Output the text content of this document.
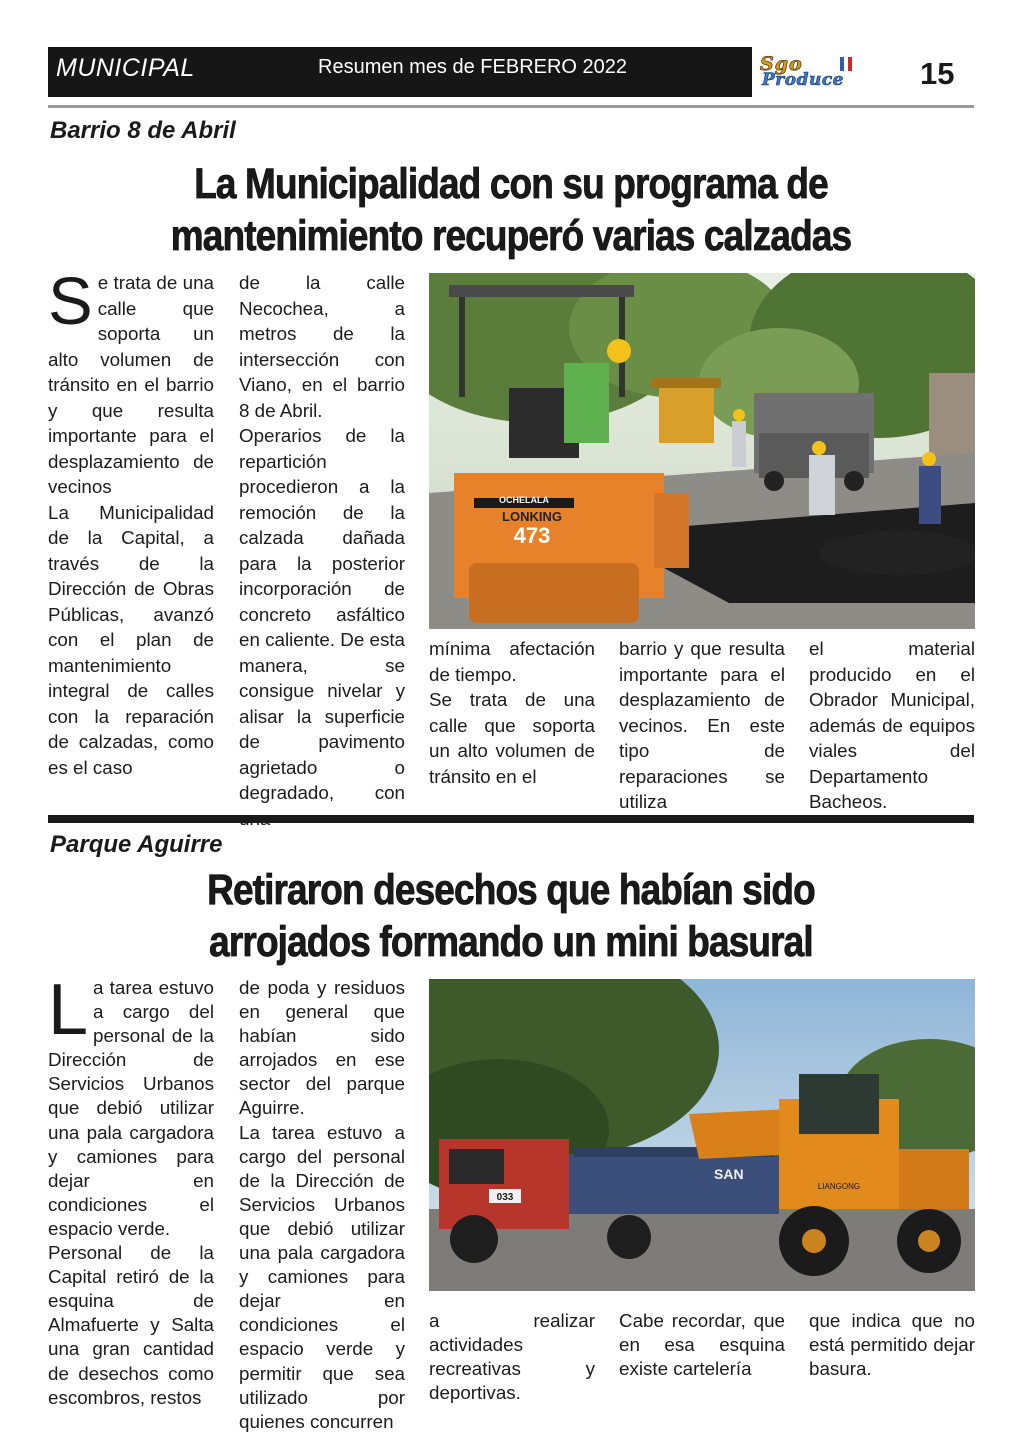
MUNICIPAL	Resumen mes de FEBRERO 2022	Sgo
Produce 15
Barrio 8 de Abril
La Municipalidad con su programa de
mantenimiento recuperó varias calzadas
S e trata de una calle que soporta un alto volumen de tránsito en el barrio y que resulta importante para el desplazamiento de vecinos

La Municipalidad de la Capital, a través de la Dirección de Obras Públicas, avanzó con el plan de mantenimiento integral de calles con la reparación de calzadas, como es el caso

de la calle Necochea, a metros de la intersección con Viano, en el barrio 8 de Abril.

Operarios de la repartición procedieron a la remoción de la calzada dañada para la posterior incorporación de concreto asfáltico en caliente. De esta manera, se consigue nivelar y alisar la superficie de pavimento agrietado o degradado, con

OCHELALA
LONKING
473

mínima afectación de tiempo.

Se trata de una calle que soporta un alto volumen de tránsito en el

barrio y que resulta importante para el desplazamiento de vecinos. En este tipo de reparaciones se utiliza

el material producido en el Obrador Municipal, además de equipos viales del Departamento Bacheos.

Parque Aguirre
Retiraron desechos que habían sido
arrojados formando un mini basural
L a tarea estuvo a cargo del personal de la Dirección de Servicios Urbanos que debió utilizar una pala cargadora y camiones para dejar en condiciones el espacio verde.

Personal de la Capital retiró de la esquina de Almafuerte y Salta una gran cantidad de desechos como escombros, restos

de poda y residuos en general que habían sido arrojados en ese sector del parque Aguirre.

La tarea estuvo a cargo del personal de la Dirección de Servicios Urbanos que debió utilizar una pala cargadora y camiones para dejar en condiciones el espacio verde y permitir que sea utilizado por quienes concurren

SAN
033
LIANGONG

a realizar actividades recreativas y deportivas.

Cabe recordar, que en esa esquina existe cartelería

que indica que no está permitido dejar basura.
